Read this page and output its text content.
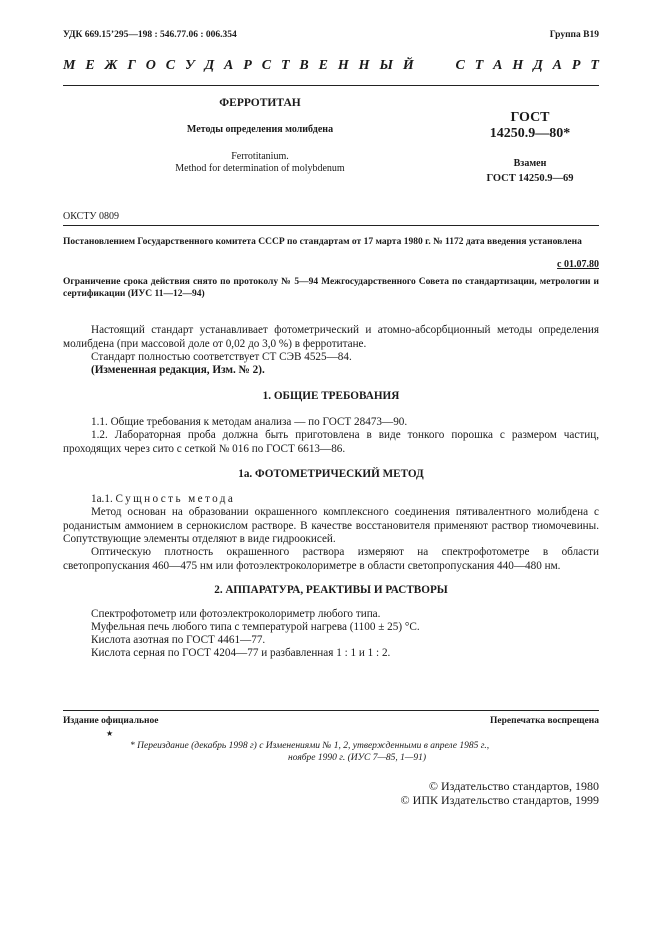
УДК 669.15’295—198 : 546.77.06 : 006.354	Группа В19
М Е Ж Г О С У Д А Р С Т В Е Н Н Ы Й	С Т А Н Д А Р Т
ФЕРРОТИТАН
Методы определения молибдена
Ferrotitanium.
Method for determination of molybdenum
ГОСТ
14250.9—80*
Взамен
ГОСТ 14250.9—69
ОКСТУ 0809
Постановлением Государственного комитета СССР по стандартам от 17 марта 1980 г. № 1172 дата введения установлена
с 01.07.80
Ограничение срока действия снято по протоколу № 5—94 Межгосударственного Совета по стандартизации, метрологии и сертификации (ИУС 11—12—94)
Настоящий стандарт устанавливает фотометрический и атомно-абсорбционный методы определения молибдена (при массовой доле от 0,02 до 3,0 %) в ферротитане.
Стандарт полностью соответствует СТ СЭВ 4525—84.
(Измененная редакция, Изм. № 2).
1. ОБЩИЕ ТРЕБОВАНИЯ
1.1. Общие требования к методам анализа — по ГОСТ 28473—90.
1.2. Лабораторная проба должна быть приготовлена в виде тонкого порошка с размером частиц, проходящих через сито с сеткой № 016 по ГОСТ 6613—86.
1а. ФОТОМЕТРИЧЕСКИЙ МЕТОД
1а.1. Сущность метода
Метод основан на образовании окрашенного комплексного соединения пятивалентного молибдена с роданистым аммонием в сернокислом растворе. В качестве восстановителя применяют раствор тиомочевины. Сопутствующие элементы отделяют в виде гидроокисей.
Оптическую плотность окрашенного раствора измеряют на спектрофотометре в области светопропускания 460—475 нм или фотоэлектроколориметре в области светопропускания 440—480 нм.
2. АППАРАТУРА, РЕАКТИВЫ И РАСТВОРЫ
Спектрофотометр или фотоэлектроколориметр любого типа.
Муфельная печь любого типа с температурой нагрева (1100 ± 25) °С.
Кислота азотная по ГОСТ 4461—77.
Кислота серная по ГОСТ 4204—77 и разбавленная 1 : 1 и 1 : 2.
Издание официальное	Перепечатка воспрещена
★
* Переиздание (декабрь 1998 г) с Изменениями № 1, 2, утвержденными в апреле 1985 г.,
ноябре 1990 г. (ИУС 7—85, 1—91)
© Издательство стандартов, 1980
© ИПК Издательство стандартов, 1999
